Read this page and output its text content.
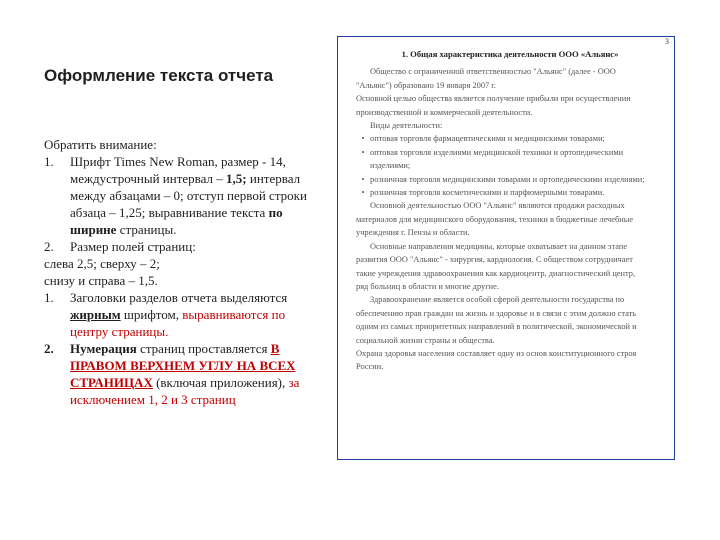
Оформление текста отчета

Обратить внимание:

1.	Шрифт Times New Roman, размер - 14, междустрочный интервал – 1,5; интервал между абзацами – 0; отступ первой строки абзаца – 1,25; выравнивание текста по ширине страницы.
2.	Размер полей страниц:

слева 2,5; сверху – 2;

снизу и справа – 1,5.

1.	Заголовки разделов отчета выделяются жирным шрифтом, выравниваются по центру страницы.
2.	Нумерация страниц проставляется В ПРАВОМ ВЕРХНЕМ УГЛУ НА ВСЕХ СТРАНИЦАХ (включая приложения), за исключением 1, 2 и 3 страниц
3
1. Общая характеристика деятельности ООО «Альянс»

Общество с ограниченной ответственностью "Альянс" (далее - ООО

"Альянс") образовано 19 января 2007 г.

Основной целью общества является получение прибыли при осуществлении

производственной и коммерческой деятельности.

Виды деятельности:

• оптовая торговля фармацевтическими и медицинскими товарами;
• оптовая торговля изделиями медицинской техники и ортопедическими изделиями;
• розничная торговля медицинскими товарами и ортопедическими изделиями;
• розничная торговля косметическими и парфюмерными товарами.

Основной деятельностью ООО "Альянс" являются продажи расходных

материалов для медицинского оборудования, техники в бюджетные лечебные

учреждения г. Пензы и области.

Основные направления медицины, которые охватывает на данном этапе

развития ООО "Альянс" - хирургия, кардиология. С обществом сотрудничает

такие учреждения здравоохранения как кардиоцентр, диагностический центр,

ряд больниц в области и многие другие.

Здравоохранение является особой сферой деятельности государства по

обеспечению прав граждан на жизнь и здоровье и в связи с этим должно стать

одним из самых приоритетных направлений в политической, экономической и

социальной жизни страны и общества.

Охрана здоровья населения составляет одну из основ конституционного строя

России.
